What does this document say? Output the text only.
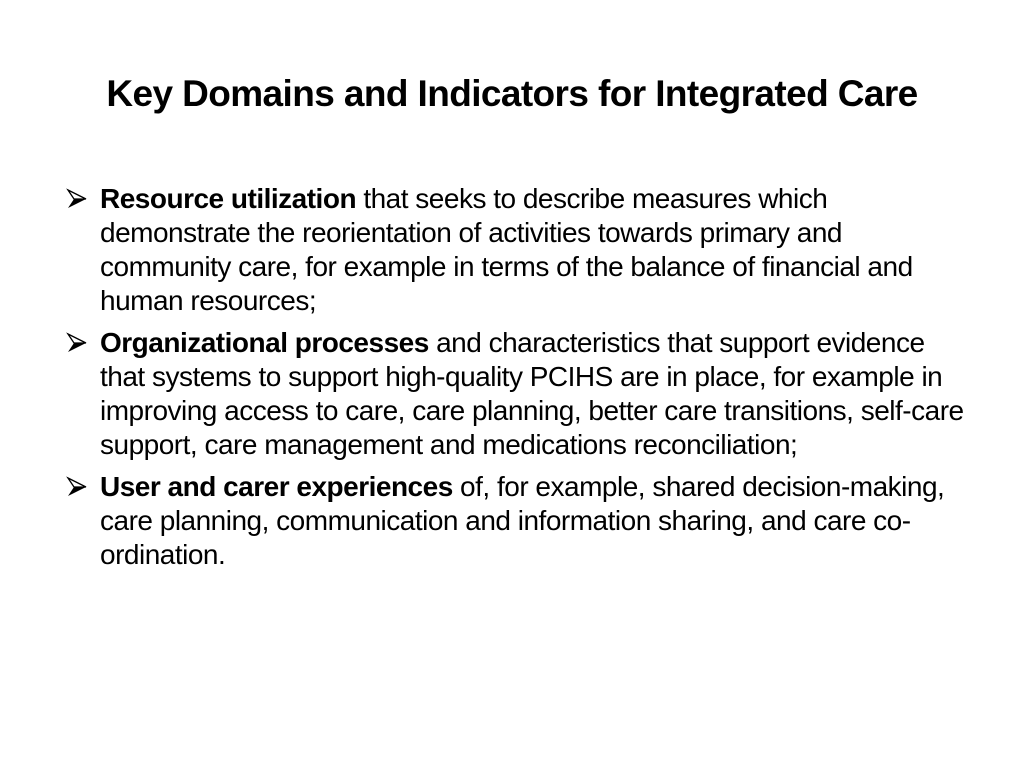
Key Domains and Indicators for Integrated Care
Resource utilization that seeks to describe measures which demonstrate the reorientation of activities towards primary and community care, for example in terms of the balance of financial and human resources;
Organizational processes and characteristics that support evidence that systems to support high-quality PCIHS are in place, for example in improving access to care, care planning, better care transitions, self-care support, care management and medications reconciliation;
User and carer experiences of, for example, shared decision-making, care planning, communication and information sharing, and care co-ordination.
